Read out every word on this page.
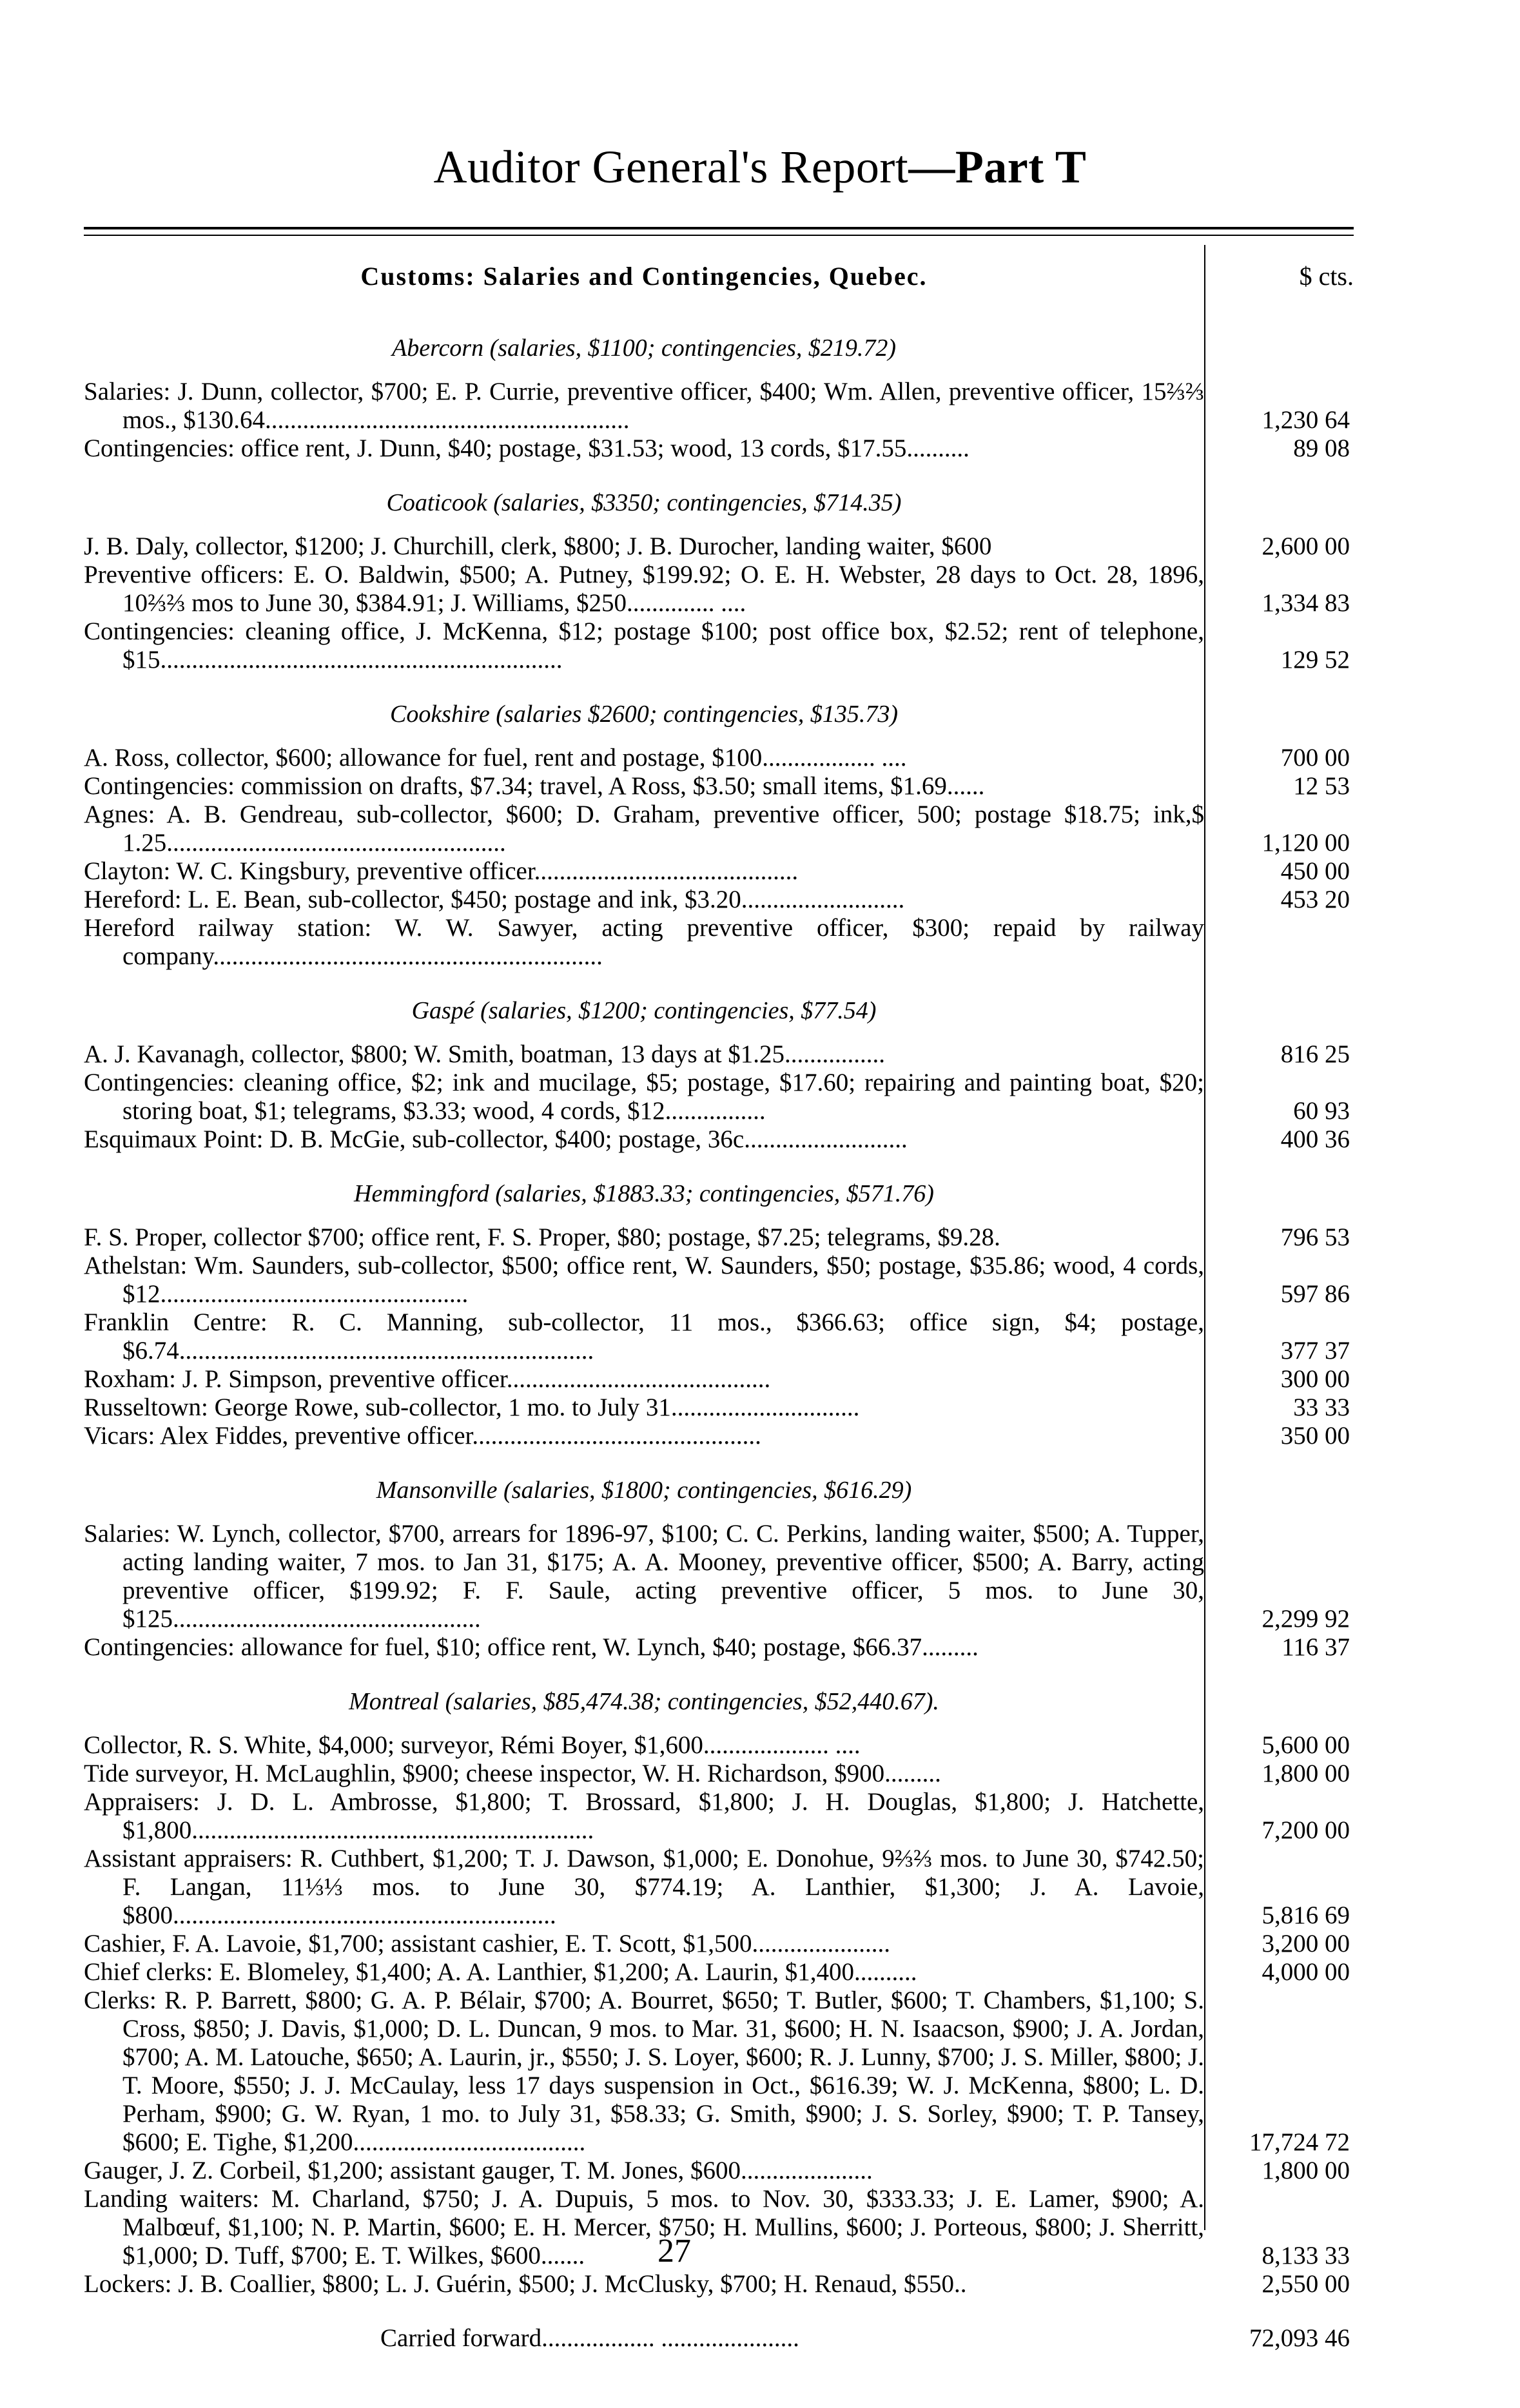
Auditor General's Report—Part T
Customs: Salaries and Contingencies, Quebec.	$ cts.
Abercorn (salaries, $1100; contingencies, $219.72)
Salaries: J. Dunn, collector, $700; E. P. Currie, preventive officer, $400; Wm. Allen, preventive officer, 15⅔⅔ mos., $130.64..........................................................	1,230 64
Contingencies: office rent, J. Dunn, $40; postage, $31.53; wood, 13 cords, $17.55..........	89 08
Coaticook (salaries, $3350; contingencies, $714.35)
J. B. Daly, collector, $1200; J. Churchill, clerk, $800; J. B. Durocher, landing waiter, $600	2,600 00
Preventive officers: E. O. Baldwin, $500; A. Putney, $199.92; O. E. H. Webster, 28 days to Oct. 28, 1896, 10⅔⅔ mos to June 30, $384.91; J. Williams, $250.............. ....	1,334 83
Contingencies: cleaning office, J. McKenna, $12; postage $100; post office box, $2.52; rent of telephone, $15................................................................	129 52
Cookshire (salaries $2600; contingencies, $135.73)
A. Ross, collector, $600; allowance for fuel, rent and postage, $100.................. ....	700 00
Contingencies: commission on drafts, $7.34; travel, A Ross, $3.50; small items, $1.69......	12 53
Agnes: A. B. Gendreau, sub-collector, $600; D. Graham, preventive officer, 500; postage $18.75; ink,$ 1.25......................................................	1,120 00
Clayton: W. C. Kingsbury, preventive officer..........................................	450 00
Hereford: L. E. Bean, sub-collector, $450; postage and ink, $3.20..........................	453 20
Hereford railway station: W. W. Sawyer, acting preventive officer, $300; repaid by railway company..............................................................
Gaspé (salaries, $1200; contingencies, $77.54)
A. J. Kavanagh, collector, $800; W. Smith, boatman, 13 days at $1.25................	816 25
Contingencies: cleaning office, $2; ink and mucilage, $5; postage, $17.60; repairing and painting boat, $20; storing boat, $1; telegrams, $3.33; wood, 4 cords, $12................	60 93
Esquimaux Point: D. B. McGie, sub-collector, $400; postage, 36c..........................	400 36
Hemmingford (salaries, $1883.33; contingencies, $571.76)
F. S. Proper, collector $700; office rent, F. S. Proper, $80; postage, $7.25; telegrams, $9.28.	796 53
Athelstan: Wm. Saunders, sub-collector, $500; office rent, W. Saunders, $50; postage, $35.86; wood, 4 cords, $12.................................................	597 86
Franklin Centre: R. C. Manning, sub-collector, 11 mos., $366.63; office sign, $4; postage, $6.74..................................................................	377 37
Roxham: J. P. Simpson, preventive officer..........................................	300 00
Russeltown: George Rowe, sub-collector, 1 mo. to July 31..............................	33 33
Vicars: Alex Fiddes, preventive officer..............................................	350 00
Mansonville (salaries, $1800; contingencies, $616.29)
Salaries: W. Lynch, collector, $700, arrears for 1896-97, $100; C. C. Perkins, landing waiter, $500; A. Tupper, acting landing waiter, 7 mos. to Jan 31, $175; A. A. Mooney, preventive officer, $500; A. Barry, acting preventive officer, $199.92; F. F. Saule, acting preventive officer, 5 mos. to June 30, $125.................................................	2,299 92
Contingencies: allowance for fuel, $10; office rent, W. Lynch, $40; postage, $66.37.........	116 37
Montreal (salaries, $85,474.38; contingencies, $52,440.67).
Collector, R. S. White, $4,000; surveyor, Rémi Boyer, $1,600.................... ....	5,600 00
Tide surveyor, H. McLaughlin, $900; cheese inspector, W. H. Richardson, $900.........	1,800 00
Appraisers: J. D. L. Ambrosse, $1,800; T. Brossard, $1,800; J. H. Douglas, $1,800; J. Hatchette, $1,800................................................................	7,200 00
Assistant appraisers: R. Cuthbert, $1,200; T. J. Dawson, $1,000; E. Donohue, 9⅔⅔ mos. to June 30, $742.50; F. Langan, 11⅓⅓ mos. to June 30, $774.19; A. Lanthier, $1,300; J. A. Lavoie, $800.............................................................	5,816 69
Cashier, F. A. Lavoie, $1,700; assistant cashier, E. T. Scott, $1,500......................	3,200 00
Chief clerks: E. Blomeley, $1,400; A. A. Lanthier, $1,200; A. Laurin, $1,400..........	4,000 00
Clerks: R. P. Barrett, $800; G. A. P. Bélair, $700; A. Bourret, $650; T. Butler, $600; T. Chambers, $1,100; S. Cross, $850; J. Davis, $1,000; D. L. Duncan, 9 mos. to Mar. 31, $600; H. N. Isaacson, $900; J. A. Jordan, $700; A. M. Latouche, $650; A. Laurin, jr., $550; J. S. Loyer, $600; R. J. Lunny, $700; J. S. Miller, $800; J. T. Moore, $550; J. J. McCaulay, less 17 days suspension in Oct., $616.39; W. J. McKenna, $800; L. D. Perham, $900; G. W. Ryan, 1 mo. to July 31, $58.33; G. Smith, $900; J. S. Sorley, $900; T. P. Tansey, $600; E. Tighe, $1,200.....................................	17,724 72
Gauger, J. Z. Corbeil, $1,200; assistant gauger, T. M. Jones, $600.....................	1,800 00
Landing waiters: M. Charland, $750; J. A. Dupuis, 5 mos. to Nov. 30, $333.33; J. E. Lamer, $900; A. Malbœuf, $1,100; N. P. Martin, $600; E. H. Mercer, $750; H. Mullins, $600; J. Porteous, $800; J. Sherritt, $1,000; D. Tuff, $700; E. T. Wilkes, $600.......	8,133 33
Lockers: J. B. Coallier, $800; L. J. Guérin, $500; J. McClusky, $700; H. Renaud, $550..	2,550 00
Carried forward.................. ......................	72,093 46
27
